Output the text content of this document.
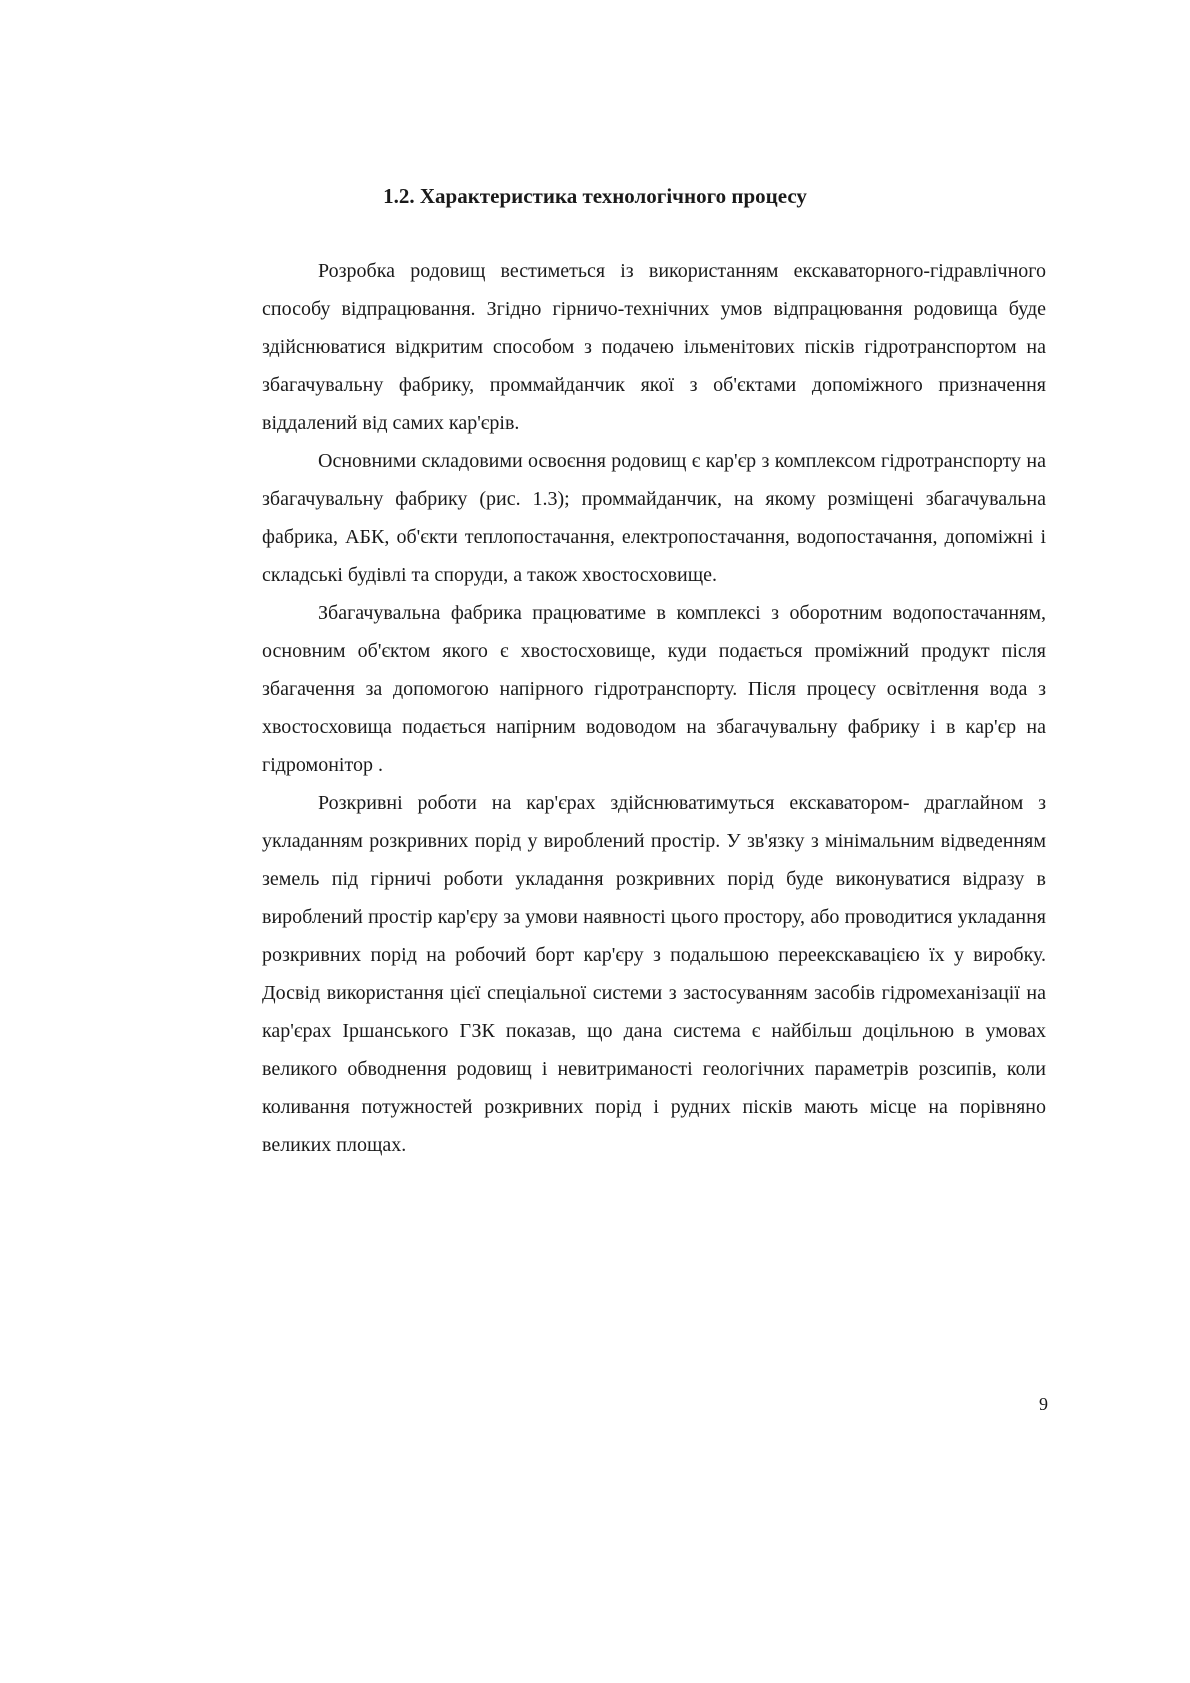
1.2. Характеристика технологічного процесу

Розробка родовищ вестиметься із використанням екскаваторного-гідравлічного способу відпрацювання. Згідно гірничо-технічних умов відпрацювання родовища буде здійснюватися відкритим способом з подачею ільменітових пісків гідротранспортом на збагачувальну фабрику, проммайданчик якої з об'єктами допоміжного призначення віддалений від самих кар'єрів.

Основними складовими освоєння родовищ є кар'єр з комплексом гідротранспорту на збагачувальну фабрику (рис. 1.3); проммайданчик, на якому розміщені збагачувальна фабрика, АБК, об'єкти теплопостачання, електропостачання, водопостачання, допоміжні і складські будівлі та споруди, а також хвостосховище.

Збагачувальна фабрика працюватиме в комплексі з оборотним водопостачанням, основним об'єктом якого є хвостосховище, куди подається проміжний продукт після збагачення за допомогою напірного гідротранспорту. Після процесу освітлення вода з хвостосховища подається напірним водоводом на збагачувальну фабрику і в кар'єр на гідромонітор .

Розкривні роботи на кар'єрах здійснюватимуться екскаватором- драглайном з укладанням розкривних порід у вироблений простір. У зв'язку з мінімальним відведенням земель під гірничі роботи укладання розкривних порід буде виконуватися відразу в вироблений простір кар'єру за умови наявності цього простору, або проводитися укладання розкривних порід на робочий борт кар'єру з подальшою переекскавацією їх у виробку. Досвід використання цієї спеціальної системи з застосуванням засобів гідромеханізації на кар'єрах Іршанського ГЗК показав, що дана система є найбільш доцільною в умовах великого обводнення родовищ і невитриманості геологічних параметрів розсипів, коли коливання потужностей розкривних порід і рудних пісків мають місце на порівняно великих площах.

9
